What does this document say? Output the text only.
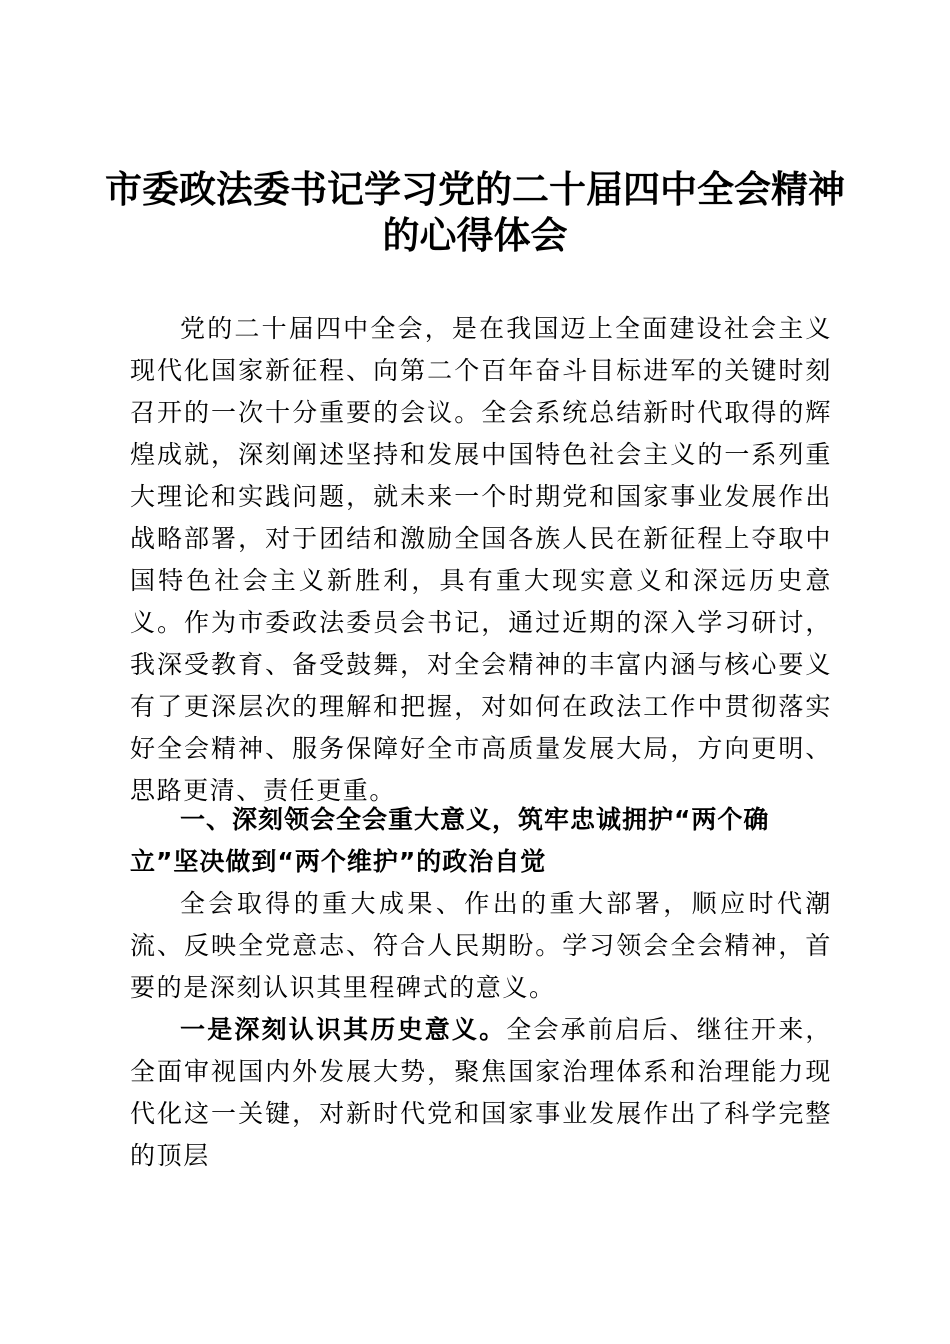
市委政法委书记学习党的二十届四中全会精神的心得体会

党的二十届四中全会，是在我国迈上全面建设社会主义现代化国家新征程、向第二个百年奋斗目标进军的关键时刻召开的一次十分重要的会议。全会系统总结新时代取得的辉煌成就，深刻阐述坚持和发展中国特色社会主义的一系列重大理论和实践问题，就未来一个时期党和国家事业发展作出战略部署，对于团结和激励全国各族人民在新征程上夺取中国特色社会主义新胜利，具有重大现实意义和深远历史意义。作为市委政法委员会书记，通过近期的深入学习研讨，我深受教育、备受鼓舞，对全会精神的丰富内涵与核心要义有了更深层次的理解和把握，对如何在政法工作中贯彻落实好全会精神、服务保障好全市高质量发展大局，方向更明、思路更清、责任更重。

一、深刻领会全会重大意义，筑牢忠诚拥护“两个确立”坚决做到“两个维护”的政治自觉

全会取得的重大成果、作出的重大部署，顺应时代潮流、反映全党意志、符合人民期盼。学习领会全会精神，首要的是深刻认识其里程碑式的意义。

一是深刻认识其历史意义。全会承前启后、继往开来，全面审视国内外发展大势，聚焦国家治理体系和治理能力现代化这一关键，对新时代党和国家事业发展作出了科学完整的顶层
